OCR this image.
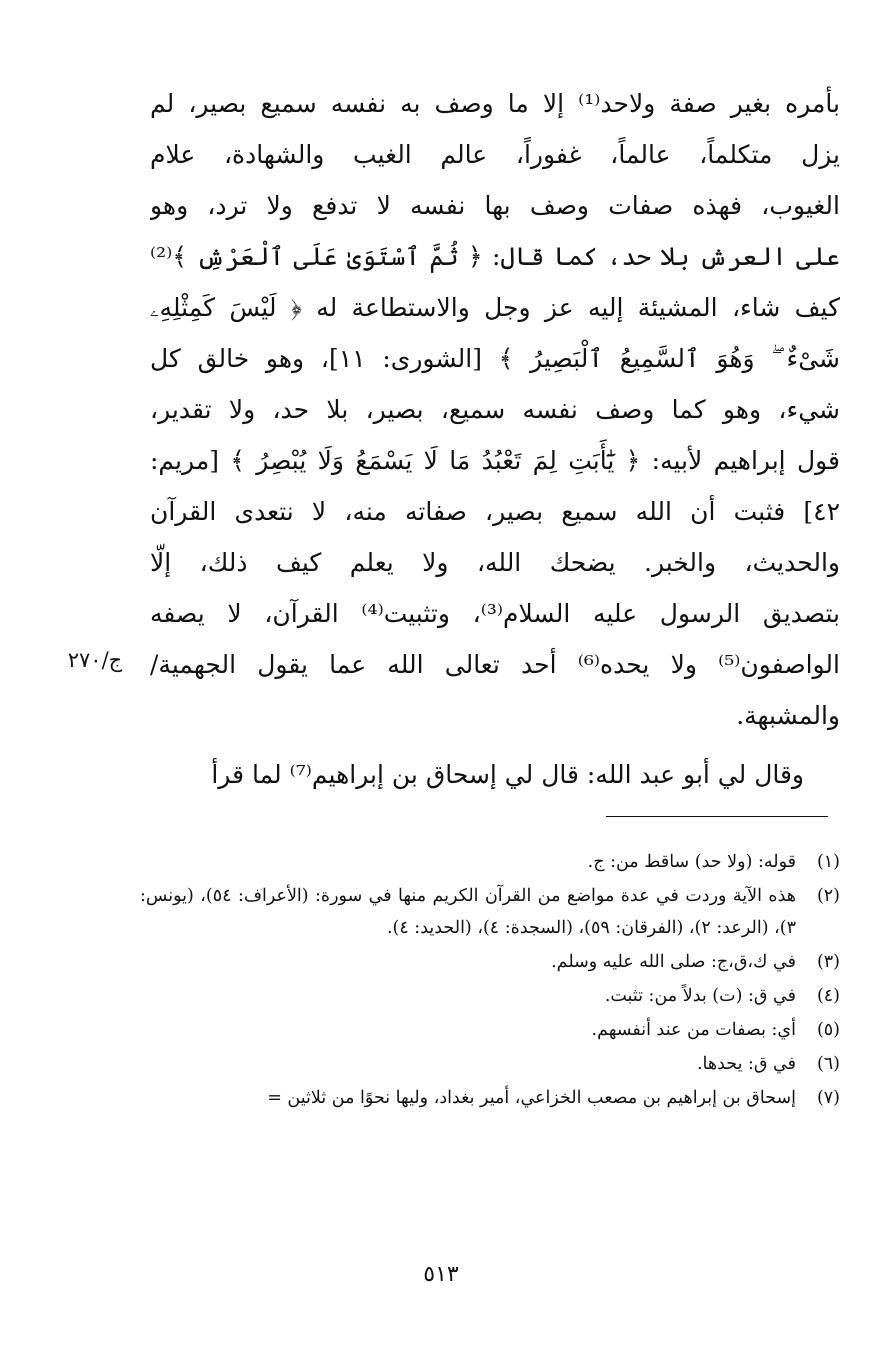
بأمره بغير صفة ولاحد⁽¹⁾ إلا ما وصف به نفسه سميع بصير، لم
يزل متكلماً، عالماً، غفوراً، عالم الغيب والشهادة، علام
الغيوب، فهذه صفات وصف بها نفسه لا تدفع ولا ترد، وهو
على العرش بلا حد، كما قال: ﴿ ثُمَّ ٱسْتَوَىٰ عَلَى ٱلْعَرْشِ ﴾⁽²⁾
كيف شاء، المشيئة إليه عز وجل والاستطاعة له ﴿ لَيْسَ كَمِثْلِهِۦ
شَىْءٌ ۖ وَهُوَ ٱلسَّمِيعُ ٱلْبَصِيرُ ﴾ [الشورى: ١١]، وهو خالق كل
شيء، وهو كما وصف نفسه سميع، بصير، بلا حد، ولا تقدير،
قول إبراهيم لأبيه: ﴿ يَٰٓأَبَتِ لِمَ تَعْبُدُ مَا لَا يَسْمَعُ وَلَا يُبْصِرُ ﴾ [مريم:
٤٢] فثبت أن الله سميع بصير، صفاته منه، لا نتعدى القرآن
والحديث، والخبر. يضحك الله، ولا يعلم كيف ذلك، إلّا
بتصديق الرسول عليه السلام⁽³⁾، وتثبيت⁽⁴⁾ القرآن، لا يصفه
الواصفون⁽⁵⁾ ولا يحده⁽⁶⁾ أحد تعالى الله عما يقول الجهمية/
والمشبهة.
وقال لي أبو عبد الله: قال لي إسحاق بن إبراهيم⁽⁷⁾ لما قرأ
ج/٢٧٠
(١)
قوله: (ولا حد) ساقط من: ج.
(٢)
هذه الآية وردت في عدة مواضع من القرآن الكريم منها في سورة: (الأعراف: ٥٤)، (يونس: ٣)، (الرعد: ٢)، (الفرقان: ٥٩)، (السجدة: ٤)، (الحديد: ٤).
(٣)
في ك،ق،ج: صلى الله عليه وسلم.
(٤)
في ق: (ت) بدلاً من: تثبت.
(٥)
أي: بصفات من عند أنفسهم.
(٦)
في ق: يحدها.
(٧)
إسحاق بن إبراهيم بن مصعب الخزاعي، أمير بغداد، وليها نحوًا من ثلاثين =
٥١٣
